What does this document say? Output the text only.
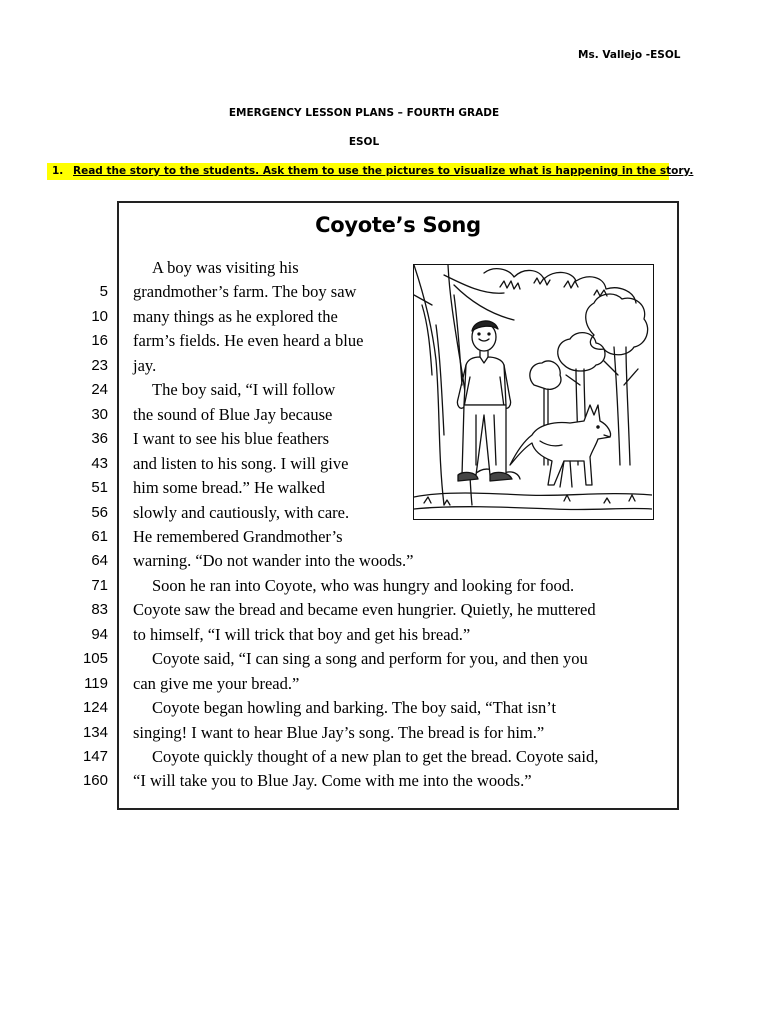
Ms. Vallejo -ESOL
EMERGENCY LESSON PLANS – FOURTH GRADE
ESOL
1. Read the story to the students. Ask them to use the pictures to visualize what is happening in the story.
Coyote’s Song
A boy was visiting his
5 grandmother’s farm. The boy saw
10 many things as he explored the
16 farm’s fields. He even heard a blue
23 jay.
24	The boy said, “I will follow
30 the sound of Blue Jay because
36 I want to see his blue feathers
43 and listen to his song. I will give
51 him some bread.” He walked
56 slowly and cautiously, with care.
61 He remembered Grandmother’s
64 warning. “Do not wander into the woods.”
71	Soon he ran into Coyote, who was hungry and looking for food.
83 Coyote saw the bread and became even hungrier. Quietly, he muttered
94 to himself, “I will trick that boy and get his bread.”
105	Coyote said, “I can sing a song and perform for you, and then you
119 can give me your bread.”
124	Coyote began howling and barking. The boy said, “That isn’t
134 singing! I want to hear Blue Jay’s song. The bread is for him.”
147	Coyote quickly thought of a new plan to get the bread. Coyote said,
160 “I will take you to Blue Jay. Come with me into the woods.”
